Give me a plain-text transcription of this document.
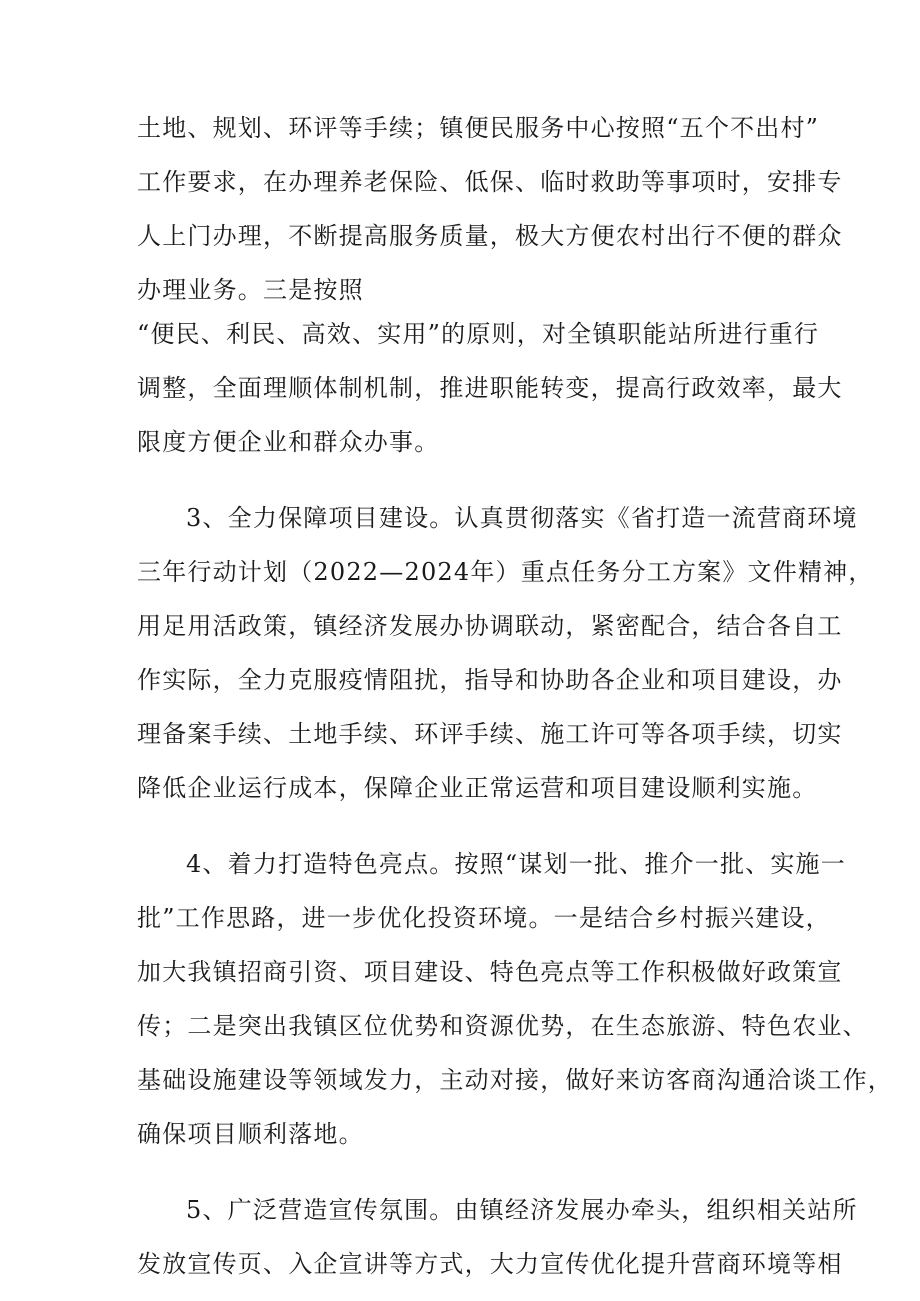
土地、规划、环评等手续；镇便民服务中心按照“五个不出村”
工作要求，在办理养老保险、低保、临时救助等事项时，安排专
人上门办理，不断提高服务质量，极大方便农村出行不便的群众
办理业务。三是按照
“便民、利民、高效、实用”的原则，对全镇职能站所进行重行
调整，全面理顺体制机制，推进职能转变，提高行政效率，最大
限度方便企业和群众办事。
3、全力保障项目建设。认真贯彻落实《省打造一流营商环境
三年行动计划（2022—2024年）重点任务分工方案》文件精神，
用足用活政策，镇经济发展办协调联动，紧密配合，结合各自工
作实际，全力克服疫情阻扰，指导和协助各企业和项目建设，办
理备案手续、土地手续、环评手续、施工许可等各项手续，切实
降低企业运行成本，保障企业正常运营和项目建设顺利实施。
4、着力打造特色亮点。按照“谋划一批、推介一批、实施一
批”工作思路，进一步优化投资环境。一是结合乡村振兴建设，
加大我镇招商引资、项目建设、特色亮点等工作积极做好政策宣
传；二是突出我镇区位优势和资源优势，在生态旅游、特色农业、
基础设施建设等领域发力，主动对接，做好来访客商沟通洽谈工作，
确保项目顺利落地。
5、广泛营造宣传氛围。由镇经济发展办牵头，组织相关站所
发放宣传页、入企宣讲等方式，大力宣传优化提升营商环境等相
